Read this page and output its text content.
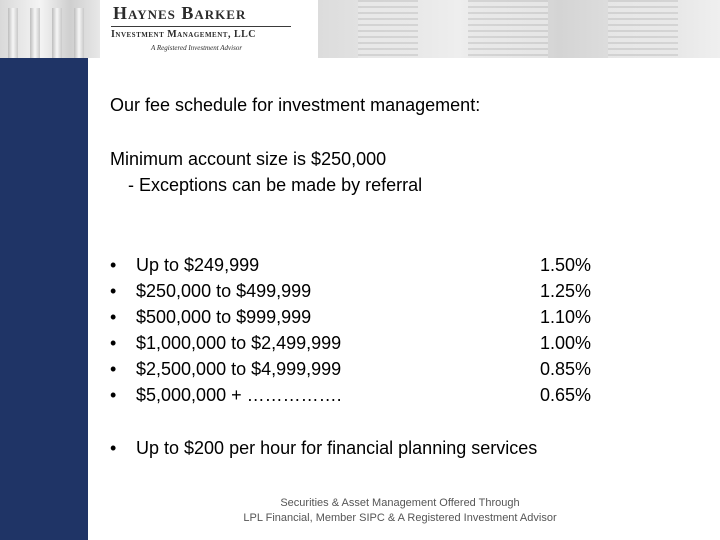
Haynes Barker
Investment Management, LLC
A Registered Investment Advisor
Our fee schedule for investment management:
Minimum account size is $250,000
- Exceptions can be made by referral
• Up to $249,999	1.50%
• $250,000 to $499,999	1.25%
• $500,000 to $999,999	1.10%
• $1,000,000 to $2,499,999	1.00%
• $2,500,000 to $4,999,999	0.85%
• $5,000,000 + …………….	0.65%
• Up to $200 per hour for financial planning services
Securities & Asset Management Offered Through
LPL Financial, Member SIPC & A Registered Investment Advisor
